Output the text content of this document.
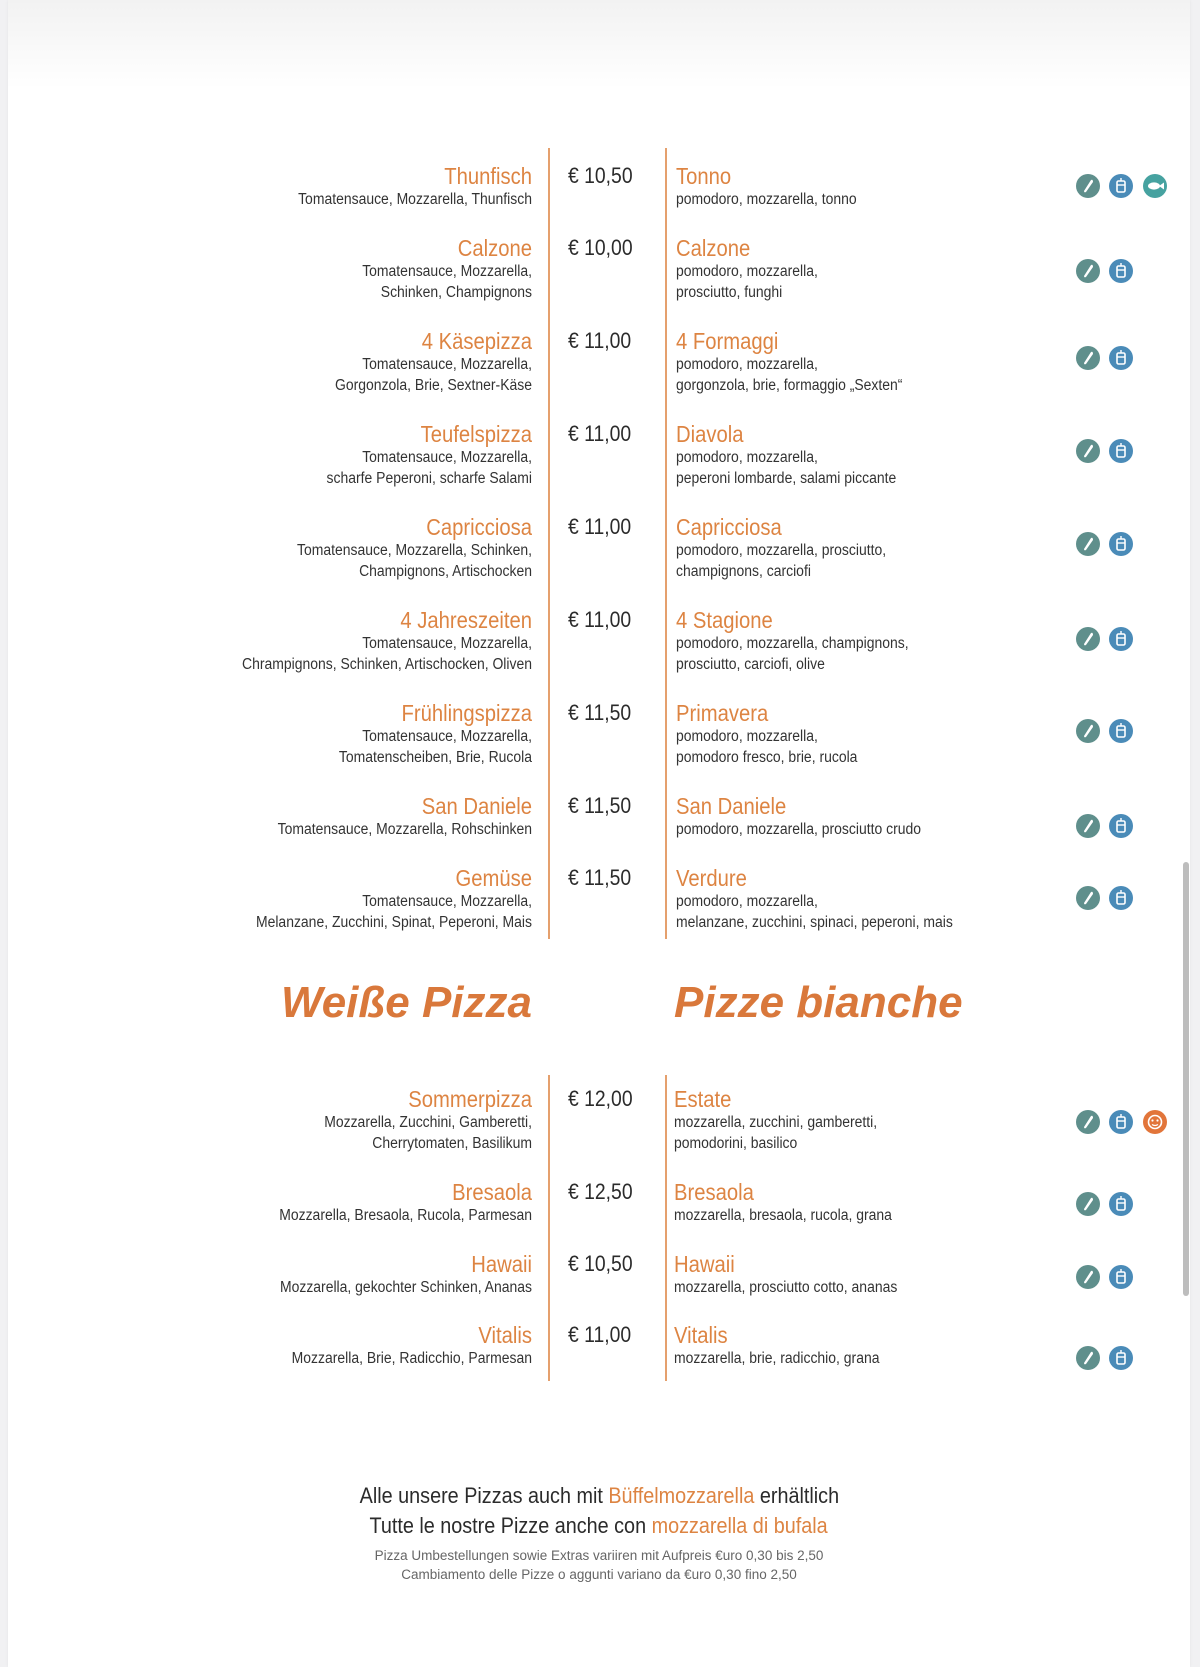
Thunfisch
Tomatensauce, Mozzarella, Thunfisch
€ 10,50 Tonno
pomodoro, mozzarella, tonno
Calzone
Tomatensauce, Mozzarella,
Schinken, Champignons
€ 10,00 Calzone
pomodoro, mozzarella,
prosciutto, funghi
4 Käsepizza
Tomatensauce, Mozzarella,
Gorgonzola, Brie, Sextner-Käse
€ 11,00 4 Formaggi
pomodoro, mozzarella,
gorgonzola, brie, formaggio „Sexten“
Teufelspizza
Tomatensauce, Mozzarella,
scharfe Peperoni, scharfe Salami
€ 11,00 Diavola
pomodoro, mozzarella,
peperoni lombarde, salami piccante
Capricciosa
Tomatensauce, Mozzarella, Schinken,
Champignons, Artischocken
€ 11,00 Capricciosa
pomodoro, mozzarella, prosciutto,
champignons, carciofi
4 Jahreszeiten
Tomatensauce, Mozzarella,
Chrampignons, Schinken, Artischocken, Oliven
€ 11,00 4 Stagione
pomodoro, mozzarella, champignons,
prosciutto, carciofi, olive
Frühlingspizza
Tomatensauce, Mozzarella,
Tomatenscheiben, Brie, Rucola
€ 11,50 Primavera
pomodoro, mozzarella,
pomodoro fresco, brie, rucola
San Daniele
Tomatensauce, Mozzarella, Rohschinken
€ 11,50 San Daniele
pomodoro, mozzarella, prosciutto crudo
Gemüse
Tomatensauce, Mozzarella,
Melanzane, Zucchini, Spinat, Peperoni, Mais
€ 11,50 Verdure
pomodoro, mozzarella,
melanzane, zucchini, spinaci, peperoni, mais
Weiße Pizza	Pizze bianche
Sommerpizza
Mozzarella, Zucchini, Gamberetti,
Cherrytomaten, Basilikum
€ 12,00 Estate
mozzarella, zucchini, gamberetti,
pomodorini, basilico
Bresaola
Mozzarella, Bresaola, Rucola, Parmesan
€ 12,50 Bresaola
mozzarella, bresaola, rucola, grana
Hawaii
Mozzarella, gekochter Schinken, Ananas
€ 10,50 Hawaii
mozzarella, prosciutto cotto, ananas
Vitalis
Mozzarella, Brie, Radicchio, Parmesan
€ 11,00 Vitalis
mozzarella, brie, radicchio, grana
Alle unsere Pizzas auch mit Büffelmozzarella erhältlich
Tutte le nostre Pizze anche con mozzarella di bufala
Pizza Umbestellungen sowie Extras variiren mit Aufpreis €uro 0,30 bis 2,50
Cambiamento delle Pizze o aggunti variano da €uro 0,30 fino 2,50
